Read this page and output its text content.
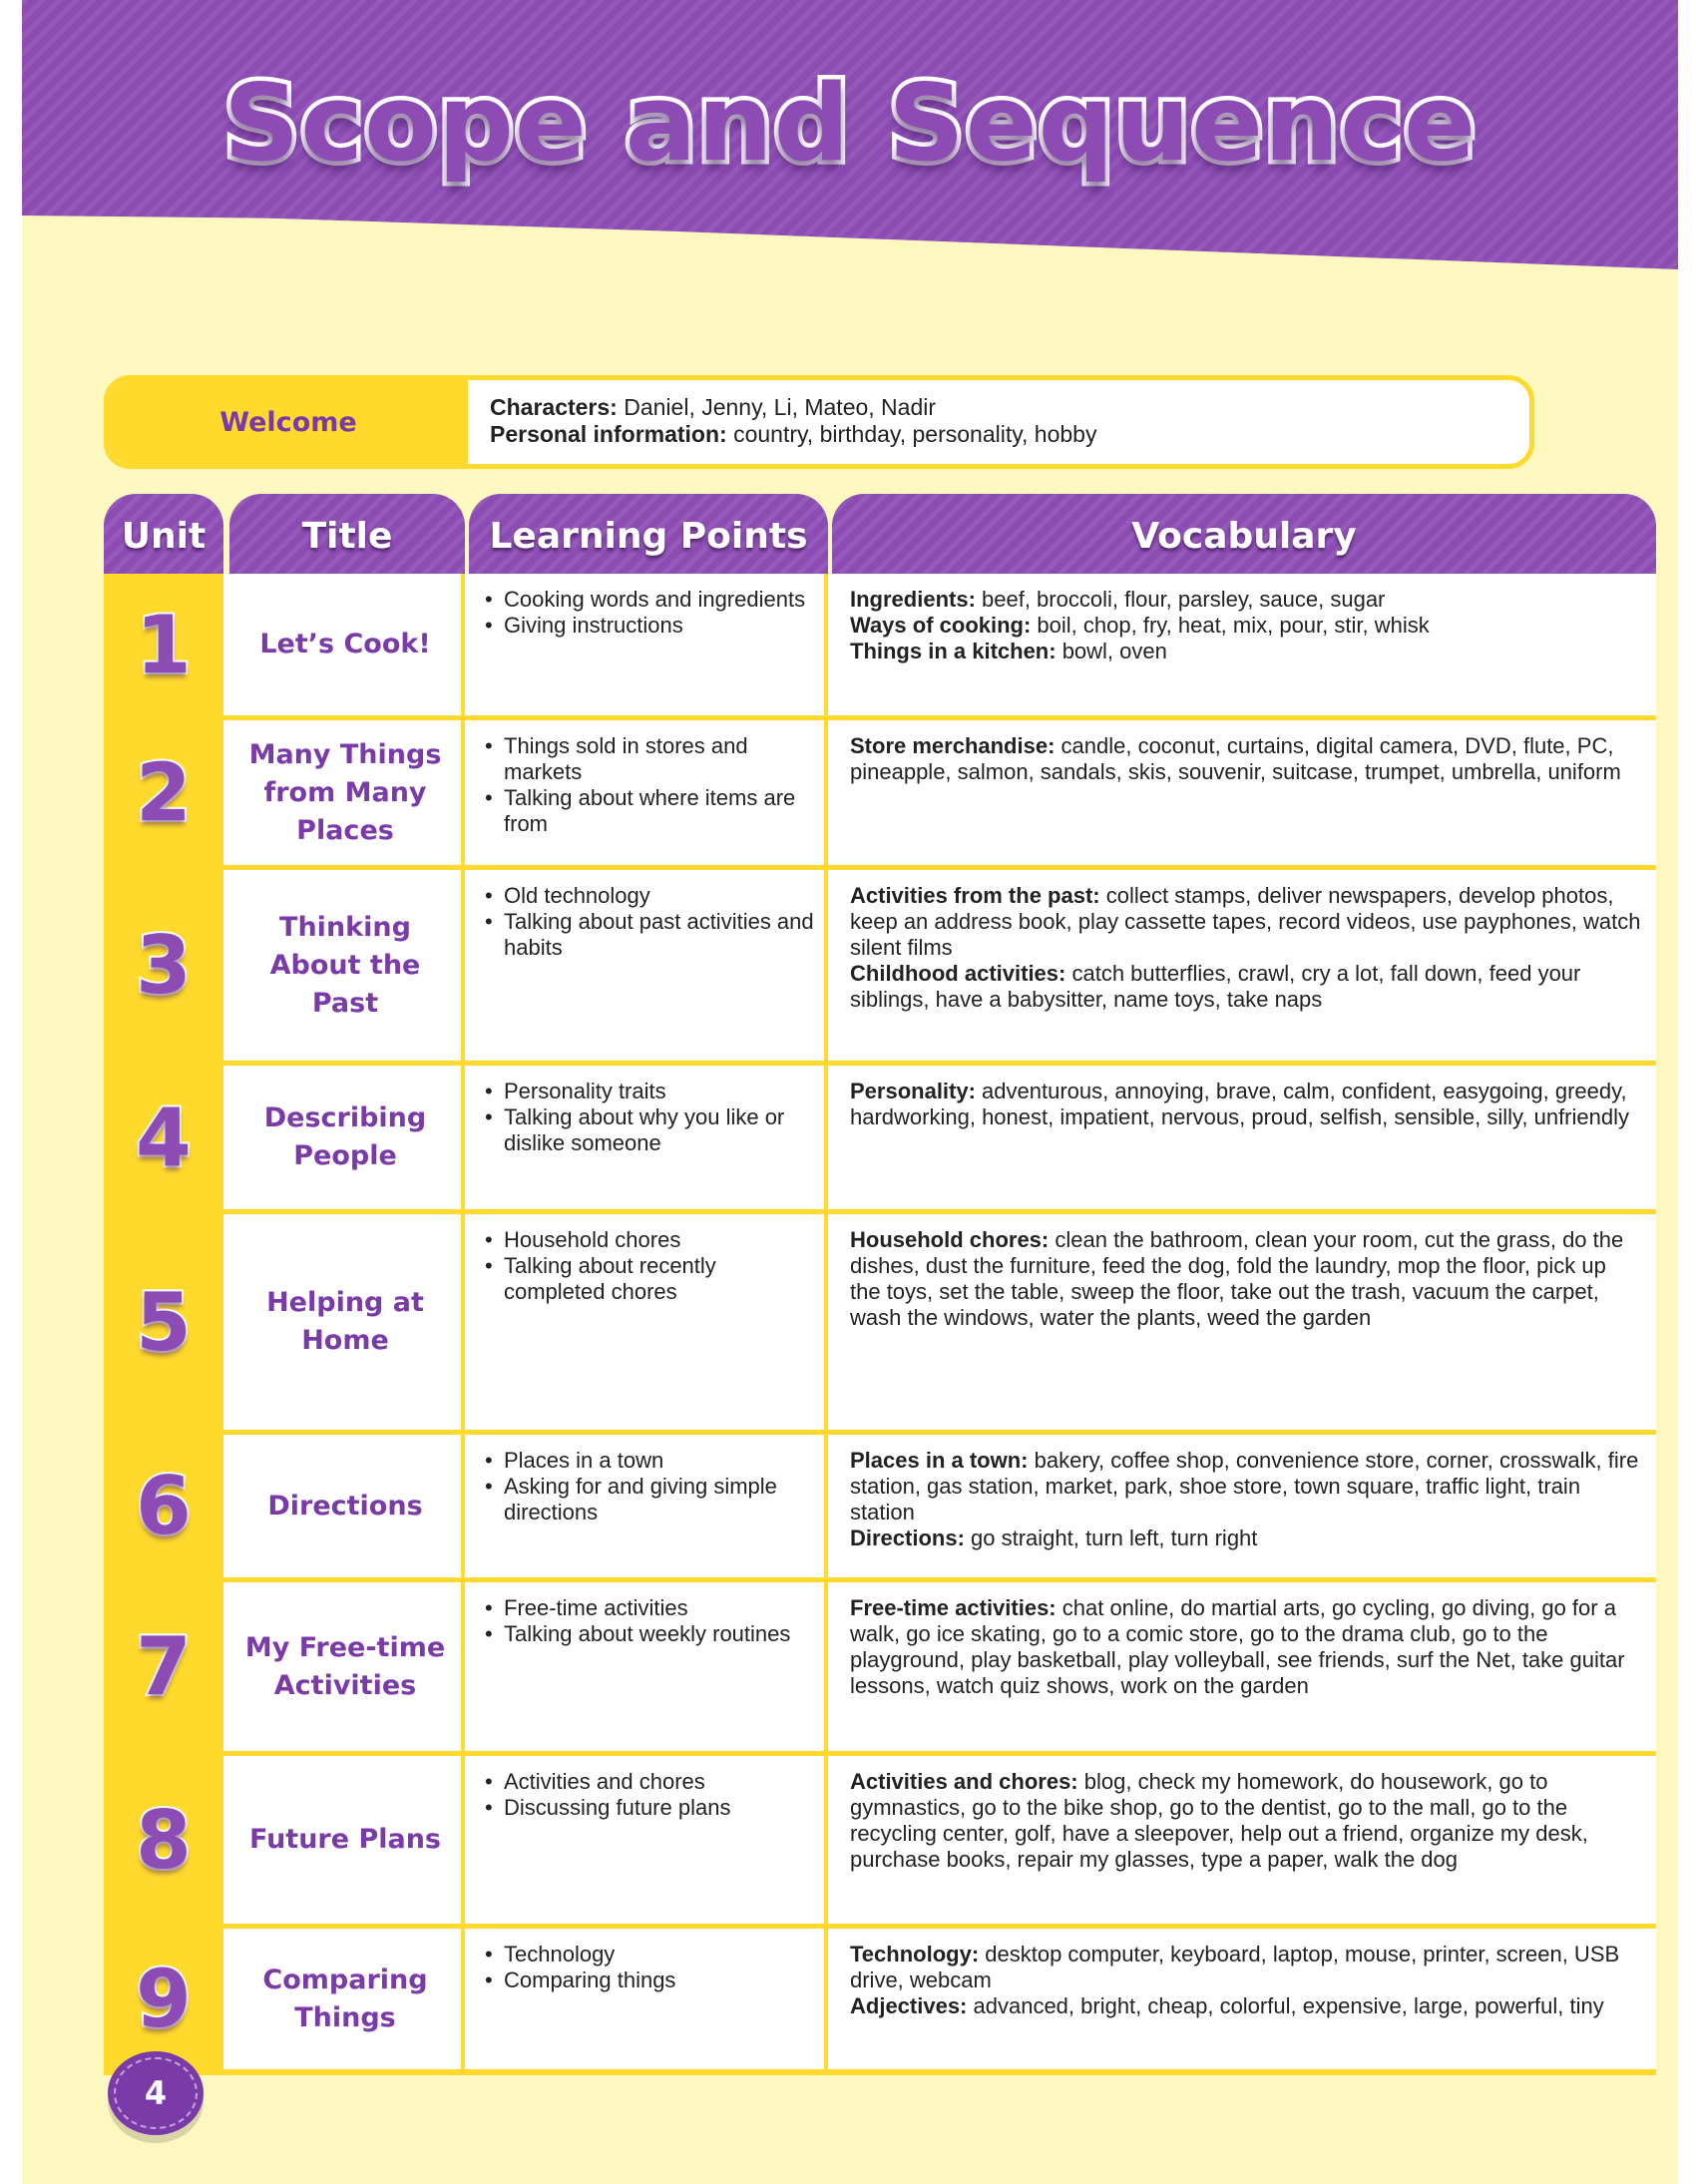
Scope and Sequence
Welcome	Characters: Daniel, Jenny, Li, Mateo, Nadir
Personal information: country, birthday, personality, hobby
Unit	Title	Learning Points	Vocabulary
1	Let’s Cook!
• Cooking words and ingredients
• Giving instructions
Ingredients: beef, broccoli, flour, parsley, sauce, sugar
Ways of cooking: boil, chop, fry, heat, mix, pour, stir, whisk
Things in a kitchen: bowl, oven
2	Many Things from Many Places
• Things sold in stores and markets
• Talking about where items are from
Store merchandise: candle, coconut, curtains, digital camera, DVD, flute, PC, pineapple, salmon, sandals, skis, souvenir, suitcase, trumpet, umbrella, uniform
3	Thinking About the Past
• Old technology
• Talking about past activities and habits
Activities from the past: collect stamps, deliver newspapers, develop photos, keep an address book, play cassette tapes, record videos, use payphones, watch silent films
Childhood activities: catch butterflies, crawl, cry a lot, fall down, feed your siblings, have a babysitter, name toys, take naps
4	Describing People
• Personality traits
• Talking about why you like or dislike someone
Personality: adventurous, annoying, brave, calm, confident, easygoing, greedy, hardworking, honest, impatient, nervous, proud, selfish, sensible, silly, unfriendly
5	Helping at Home
• Household chores
• Talking about recently completed chores
Household chores: clean the bathroom, clean your room, cut the grass, do the dishes, dust the furniture, feed the dog, fold the laundry, mop the floor, pick up the toys, set the table, sweep the floor, take out the trash, vacuum the carpet, wash the windows, water the plants, weed the garden
6	Directions
• Places in a town
• Asking for and giving simple directions
Places in a town: bakery, coffee shop, convenience store, corner, crosswalk, fire station, gas station, market, park, shoe store, town square, traffic light, train station
Directions: go straight, turn left, turn right
7	My Free-time Activities
• Free-time activities
• Talking about weekly routines
Free-time activities: chat online, do martial arts, go cycling, go diving, go for a walk, go ice skating, go to a comic store, go to the drama club, go to the playground, play basketball, play volleyball, see friends, surf the Net, take guitar lessons, watch quiz shows, work on the garden
8	Future Plans
• Activities and chores
• Discussing future plans
Activities and chores: blog, check my homework, do housework, go to gymnastics, go to the bike shop, go to the dentist, go to the mall, go to the recycling center, golf, have a sleepover, help out a friend, organize my desk, purchase books, repair my glasses, type a paper, walk the dog
9	Comparing Things
• Technology
• Comparing things
Technology: desktop computer, keyboard, laptop, mouse, printer, screen, USB drive, webcam
Adjectives: advanced, bright, cheap, colorful, expensive, large, powerful, tiny
4
